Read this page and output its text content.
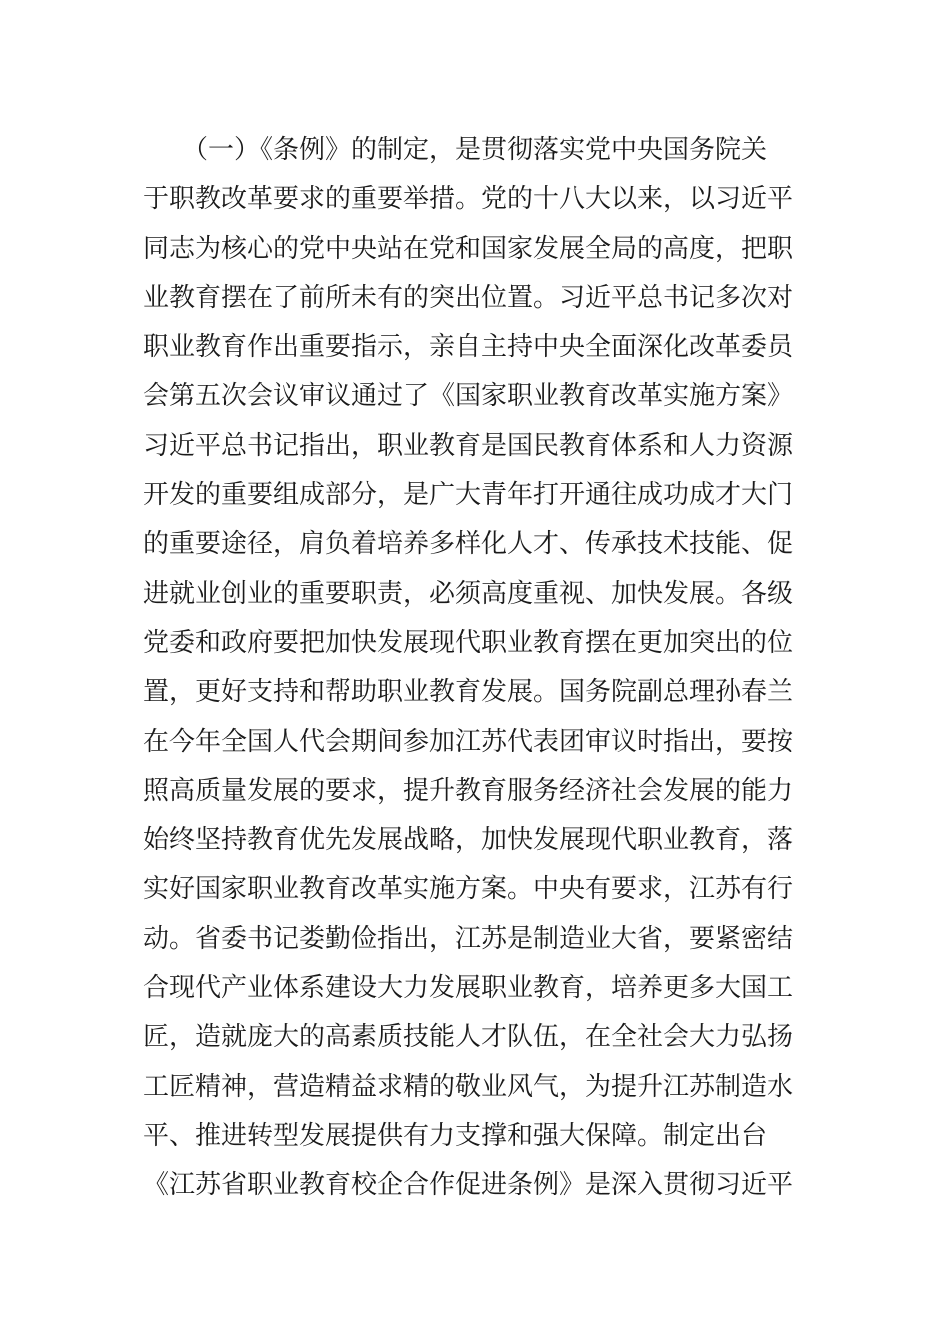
　　（一）《条例》的制定，是贯彻落实党中央国务院关
于职教改革要求的重要举措。党的十八大以来，以习近平
同志为核心的党中央站在党和国家发展全局的高度，把职
业教育摆在了前所未有的突出位置。习近平总书记多次对
职业教育作出重要指示，亲自主持中央全面深化改革委员
会第五次会议审议通过了《国家职业教育改革实施方案》
习近平总书记指出，职业教育是国民教育体系和人力资源
开发的重要组成部分，是广大青年打开通往成功成才大门
的重要途径，肩负着培养多样化人才、传承技术技能、促
进就业创业的重要职责，必须高度重视、加快发展。各级
党委和政府要把加快发展现代职业教育摆在更加突出的位
置，更好支持和帮助职业教育发展。国务院副总理孙春兰
在今年全国人代会期间参加江苏代表团审议时指出，要按
照高质量发展的要求，提升教育服务经济社会发展的能力
始终坚持教育优先发展战略，加快发展现代职业教育，落
实好国家职业教育改革实施方案。中央有要求，江苏有行
动。省委书记娄勤俭指出，江苏是制造业大省，要紧密结
合现代产业体系建设大力发展职业教育，培养更多大国工
匠，造就庞大的高素质技能人才队伍，在全社会大力弘扬
工匠精神，营造精益求精的敬业风气，为提升江苏制造水
平、推进转型发展提供有力支撑和强大保障。制定出台
《江苏省职业教育校企合作促进条例》是深入贯彻习近平
